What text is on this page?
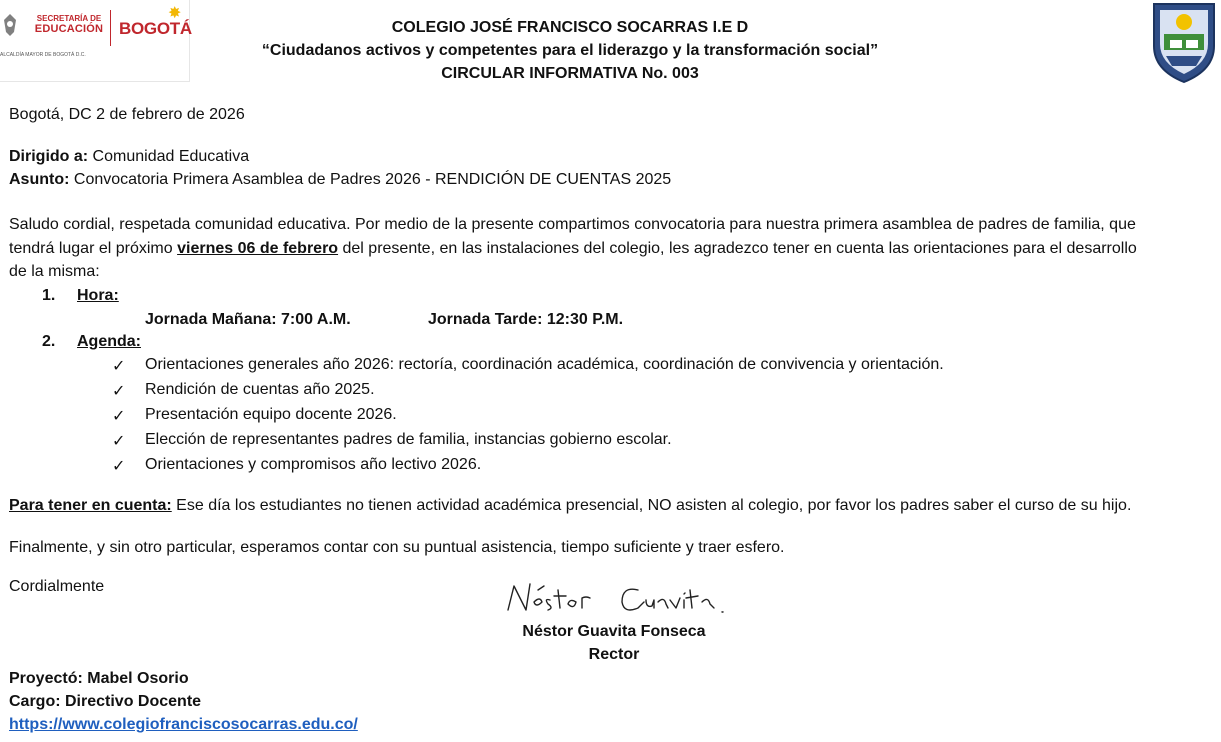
ALCALDÍA MAYOR DE BOGOTÁ D.C.
SECRETARÍA DE
EDUCACIÓN BOGOTÁ
✸
COLEGIO JOSÉ FRANCISCO SOCARRAS I.E D
“Ciudadanos activos y competentes para el liderazgo y la transformación social”
CIRCULAR INFORMATIVA No. 003
Bogotá, DC 2 de febrero de 2026
Dirigido a: Comunidad Educativa
Asunto: Convocatoria Primera Asamblea de Padres 2026 - RENDICIÓN DE CUENTAS 2025
Saludo cordial, respetada comunidad educativa. Por medio de la presente compartimos convocatoria para nuestra primera asamblea de padres de familia, que
tendrá lugar el próximo viernes 06 de febrero del presente, en las instalaciones del colegio, les agradezco tener en cuenta las orientaciones para el desarrollo
de la misma:
1. Hora:
Jornada Mañana: 7:00 A.M.	Jornada Tarde: 12:30 P.M.
2. Agenda:
✓ Orientaciones generales año 2026: rectoría, coordinación académica, coordinación de convivencia y orientación.
✓ Rendición de cuentas año 2025.
✓ Presentación equipo docente 2026.
✓ Elección de representantes padres de familia, instancias gobierno escolar.
✓ Orientaciones y compromisos año lectivo 2026.
Para tener en cuenta: Ese día los estudiantes no tienen actividad académica presencial, NO asisten al colegio, por favor los padres saber el curso de su hijo.
Finalmente, y sin otro particular, esperamos contar con su puntual asistencia, tiempo suficiente y traer esfero.
Cordialmente
Néstor Guavita Fonseca
Rector
Proyectó: Mabel Osorio
Cargo: Directivo Docente
https://www.colegiofranciscosocarras.edu.co/
